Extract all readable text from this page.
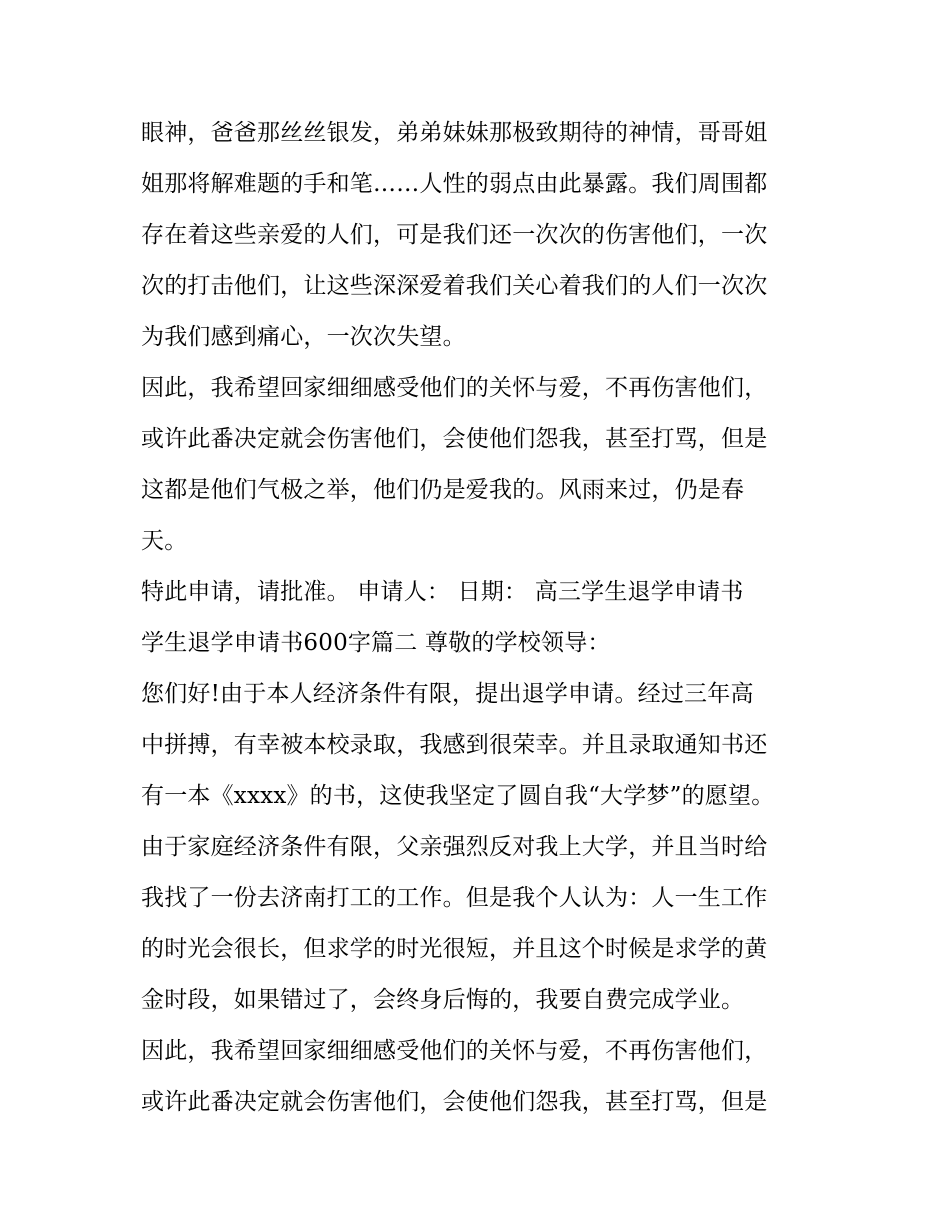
眼神，爸爸那丝丝银发，弟弟妹妹那极致期待的神情，哥哥姐
姐那将解难题的手和笔……人性的弱点由此暴露。我们周围都
存在着这些亲爱的人们，可是我们还一次次的伤害他们，一次
次的打击他们，让这些深深爱着我们关心着我们的人们一次次
为我们感到痛心，一次次失望。
因此，我希望回家细细感受他们的关怀与爱，不再伤害他们，
或许此番决定就会伤害他们，会使他们怨我，甚至打骂，但是
这都是他们气极之举，他们仍是爱我的。风雨来过，仍是春
天。
特此申请，请批准。 申请人： 日期： 高三学生退学申请书
学生退学申请书600字篇二 尊敬的学校领导：
您们好!由于本人经济条件有限，提出退学申请。经过三年高
中拼搏，有幸被本校录取，我感到很荣幸。并且录取通知书还
有一本《xxxx》的书，这使我坚定了圆自我“大学梦”的愿望。
由于家庭经济条件有限，父亲强烈反对我上大学，并且当时给
我找了一份去济南打工的工作。但是我个人认为：人一生工作
的时光会很长，但求学的时光很短，并且这个时候是求学的黄
金时段，如果错过了，会终身后悔的，我要自费完成学业。
因此，我希望回家细细感受他们的关怀与爱，不再伤害他们，
或许此番决定就会伤害他们，会使他们怨我，甚至打骂，但是
